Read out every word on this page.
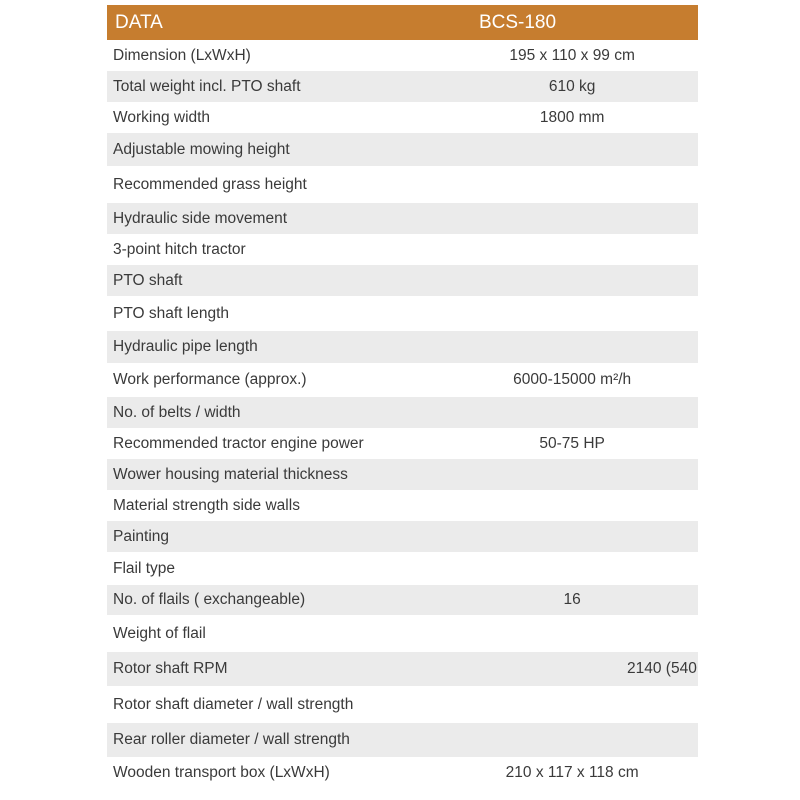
DATA	BCS-180
Dimension (LxWxH)	195 x 110 x 99 cm
Total weight incl. PTO shaft	610 kg
Working width	1800 mm
Adjustable mowing height
Recommended grass height
Hydraulic side movement
3-point hitch tractor
PTO shaft
PTO shaft length
Hydraulic pipe length
Work performance (approx.)	6000-15000 m²/h
No. of belts / width
Recommended tractor engine power	50-75 HP
Wower housing material thickness
Material strength side walls
Painting
Flail type
No. of flails ( exchangeable)	16
Weight of flail
Rotor shaft RPM	2140 (540
Rotor shaft diameter / wall strength
Rear roller diameter / wall strength
Wooden transport box (LxWxH)	210 x 117 x 118 cm
